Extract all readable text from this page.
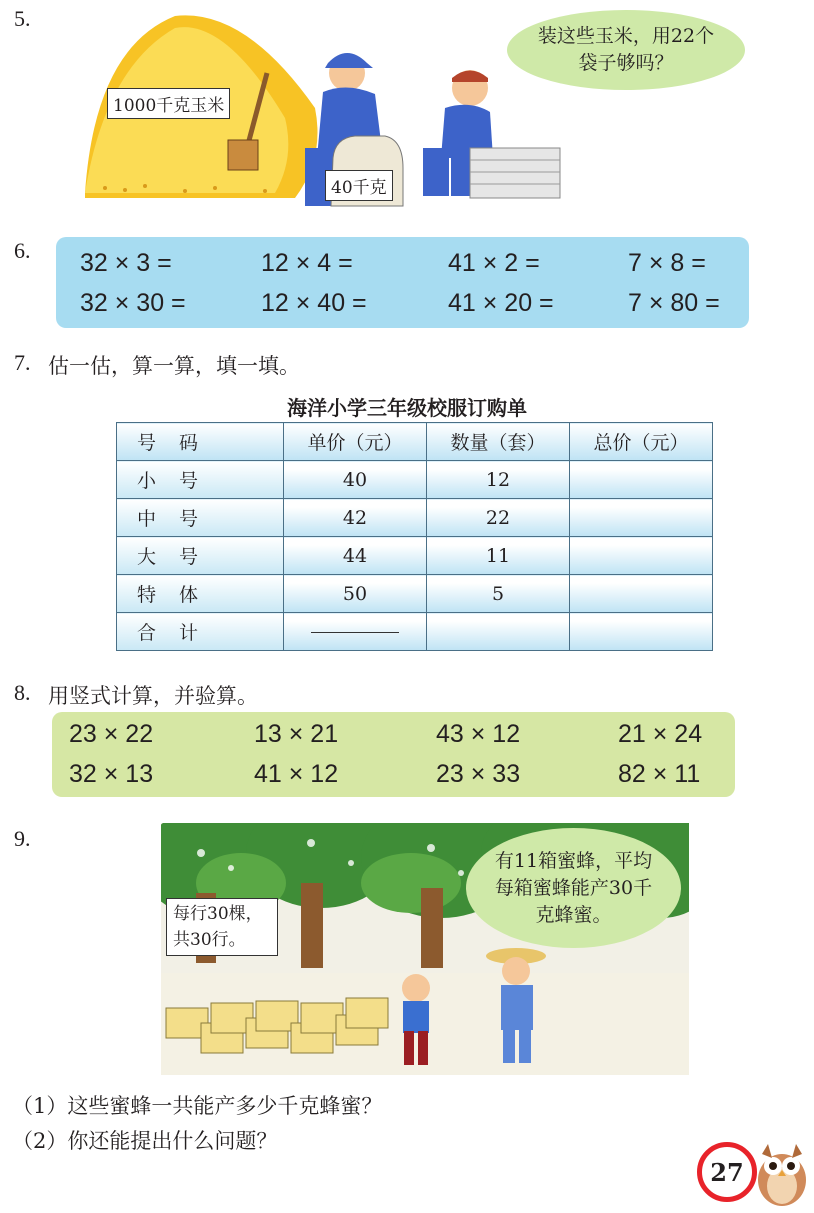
5.
1000千克玉米
40千克
装这些玉米，用22个袋子够吗？
6. 32 × 3 =	12 × 4 =	41 × 2 =	7 × 8 =
32 × 30 =	12 × 40 =	41 × 20 =	7 × 80 =
7. 估一估，算一算，填一填。
海洋小学三年级校服订购单
号　码	单价（元）	数量（套）	总价（元）
小　号	40	12	
中　号	42	22	
大　号	44	11	
特　体	50	5	
合　计			
8. 用竖式计算，并验算。
23 × 22	13 × 21	43 × 12	21 × 24
32 × 13	41 × 12	23 × 33	82 × 11
9.
每行30棵，共30行。
有11箱蜜蜂，平均每箱蜜蜂能产30千克蜂蜜。
（1）这些蜜蜂一共能产多少千克蜂蜜？
（2）你还能提出什么问题？
27
